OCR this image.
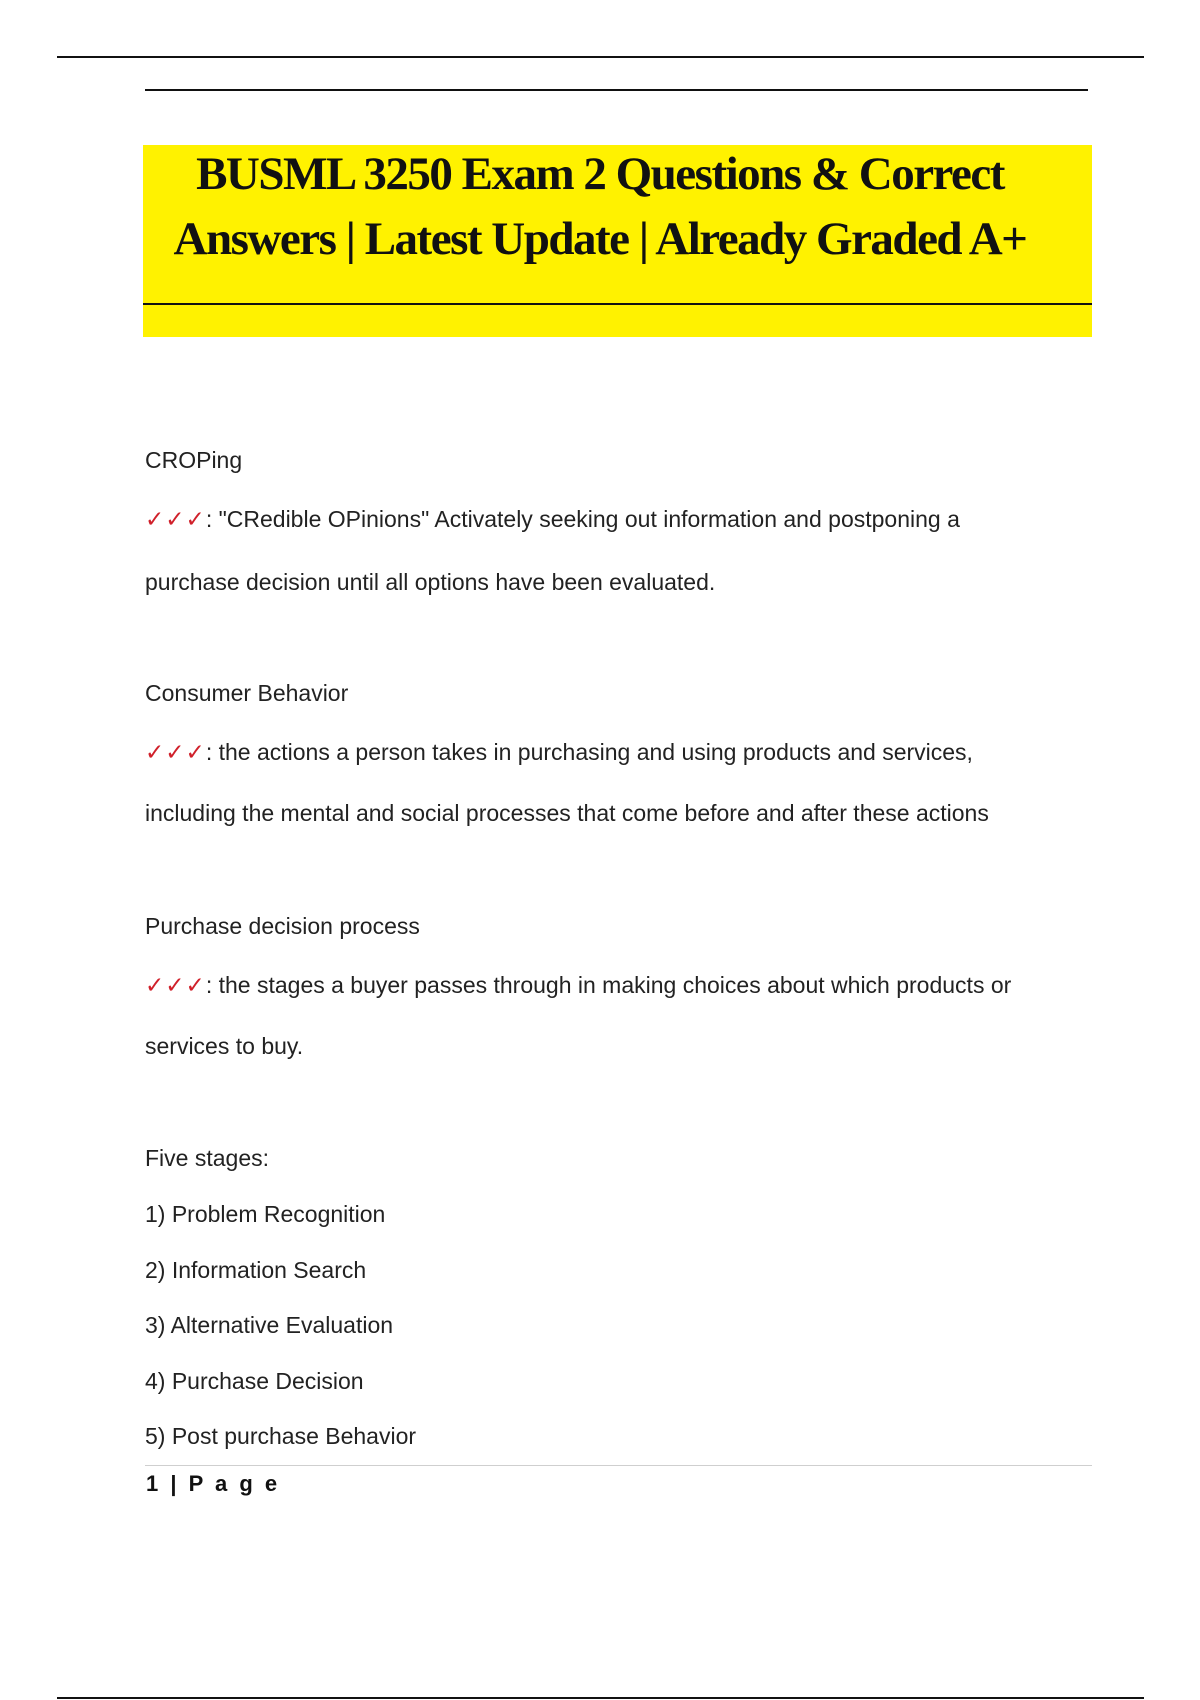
BUSML 3250 Exam 2 Questions & Correct
Answers | Latest Update | Already Graded A+
CROPing
✓✓✓: "CRedible OPinions" Activately seeking out information and postponing a
purchase decision until all options have been evaluated.
Consumer Behavior
✓✓✓: the actions a person takes in purchasing and using products and services,
including the mental and social processes that come before and after these actions
Purchase decision process
✓✓✓: the stages a buyer passes through in making choices about which products or
services to buy.
Five stages:
1) Problem Recognition
2) Information Search
3) Alternative Evaluation
4) Purchase Decision
5) Post purchase Behavior
1 | P a g e
